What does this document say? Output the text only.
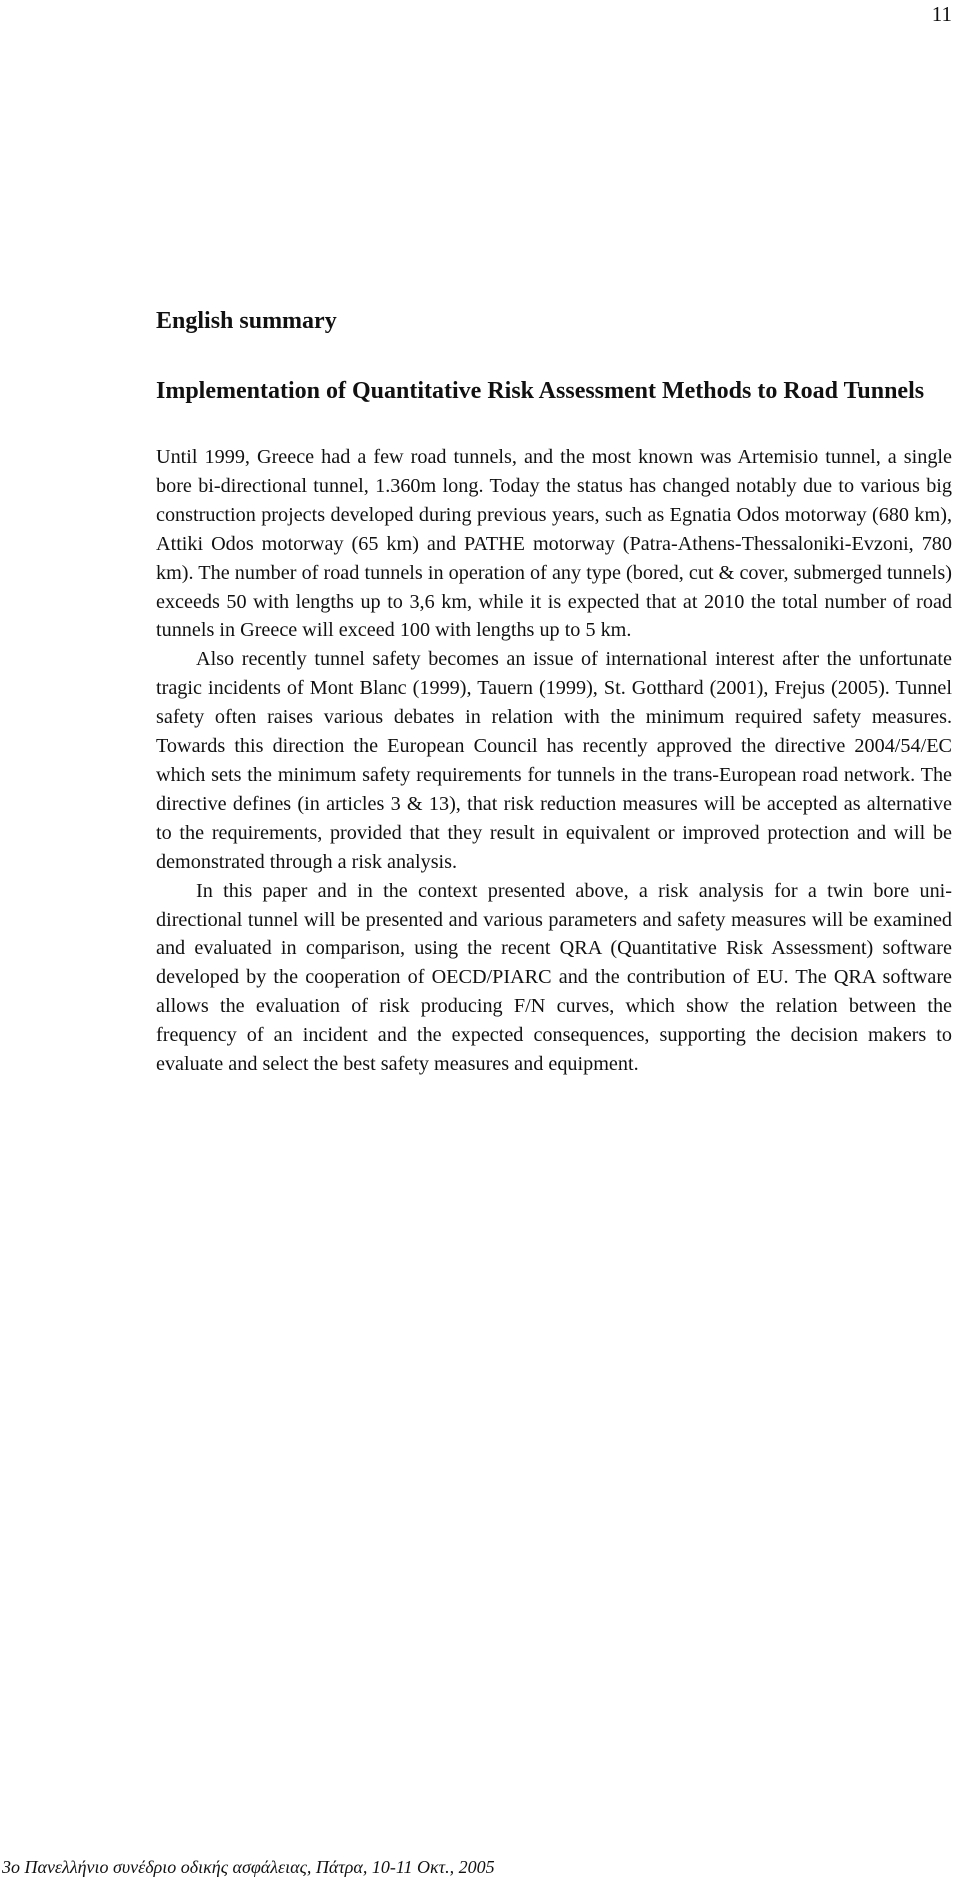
11
English summary
Implementation of Quantitative Risk Assessment Methods to Road Tunnels

Until 1999, Greece had a few road tunnels, and the most known was Artemisio tunnel, a single bore bi-directional tunnel, 1.360m long. Today the status has changed notably due to various big construction projects developed during previous years, such as Egnatia Odos motorway (680 km), Attiki Odos motorway (65 km) and PATHE motorway (Patra-Athens-Thessaloniki-Evzoni, 780 km). The number of road tunnels in operation of any type (bored, cut & cover, submerged tunnels) exceeds 50 with lengths up to 3,6 km, while it is expected that at 2010 the total number of road tunnels in Greece will exceed 100 with lengths up to 5 km.

Also recently tunnel safety becomes an issue of international interest after the unfortunate tragic incidents of Mont Blanc (1999), Tauern (1999), St. Gotthard (2001), Frejus (2005). Tunnel safety often raises various debates in relation with the minimum required safety measures. Towards this direction the European Council has recently approved the directive 2004/54/EC which sets the minimum safety requirements for tunnels in the trans-European road network. The directive defines (in articles 3 & 13), that risk reduction measures will be accepted as alternative to the requirements, provided that they result in equivalent or improved protection and will be demonstrated through a risk analysis.

In this paper and in the context presented above, a risk analysis for a twin bore uni-directional tunnel will be presented and various parameters and safety measures will be examined and evaluated in comparison, using the recent QRA (Quantitative Risk Assessment) software developed by the cooperation of OECD/PIARC and the contribution of EU. The QRA software allows the evaluation of risk producing F/N curves, which show the relation between the frequency of an incident and the expected consequences, supporting the decision makers to evaluate and select the best safety measures and equipment.

3o Πανελλήνιο συνέδριο οδικής ασφάλειας, Πάτρα, 10-11 Οκτ., 2005
